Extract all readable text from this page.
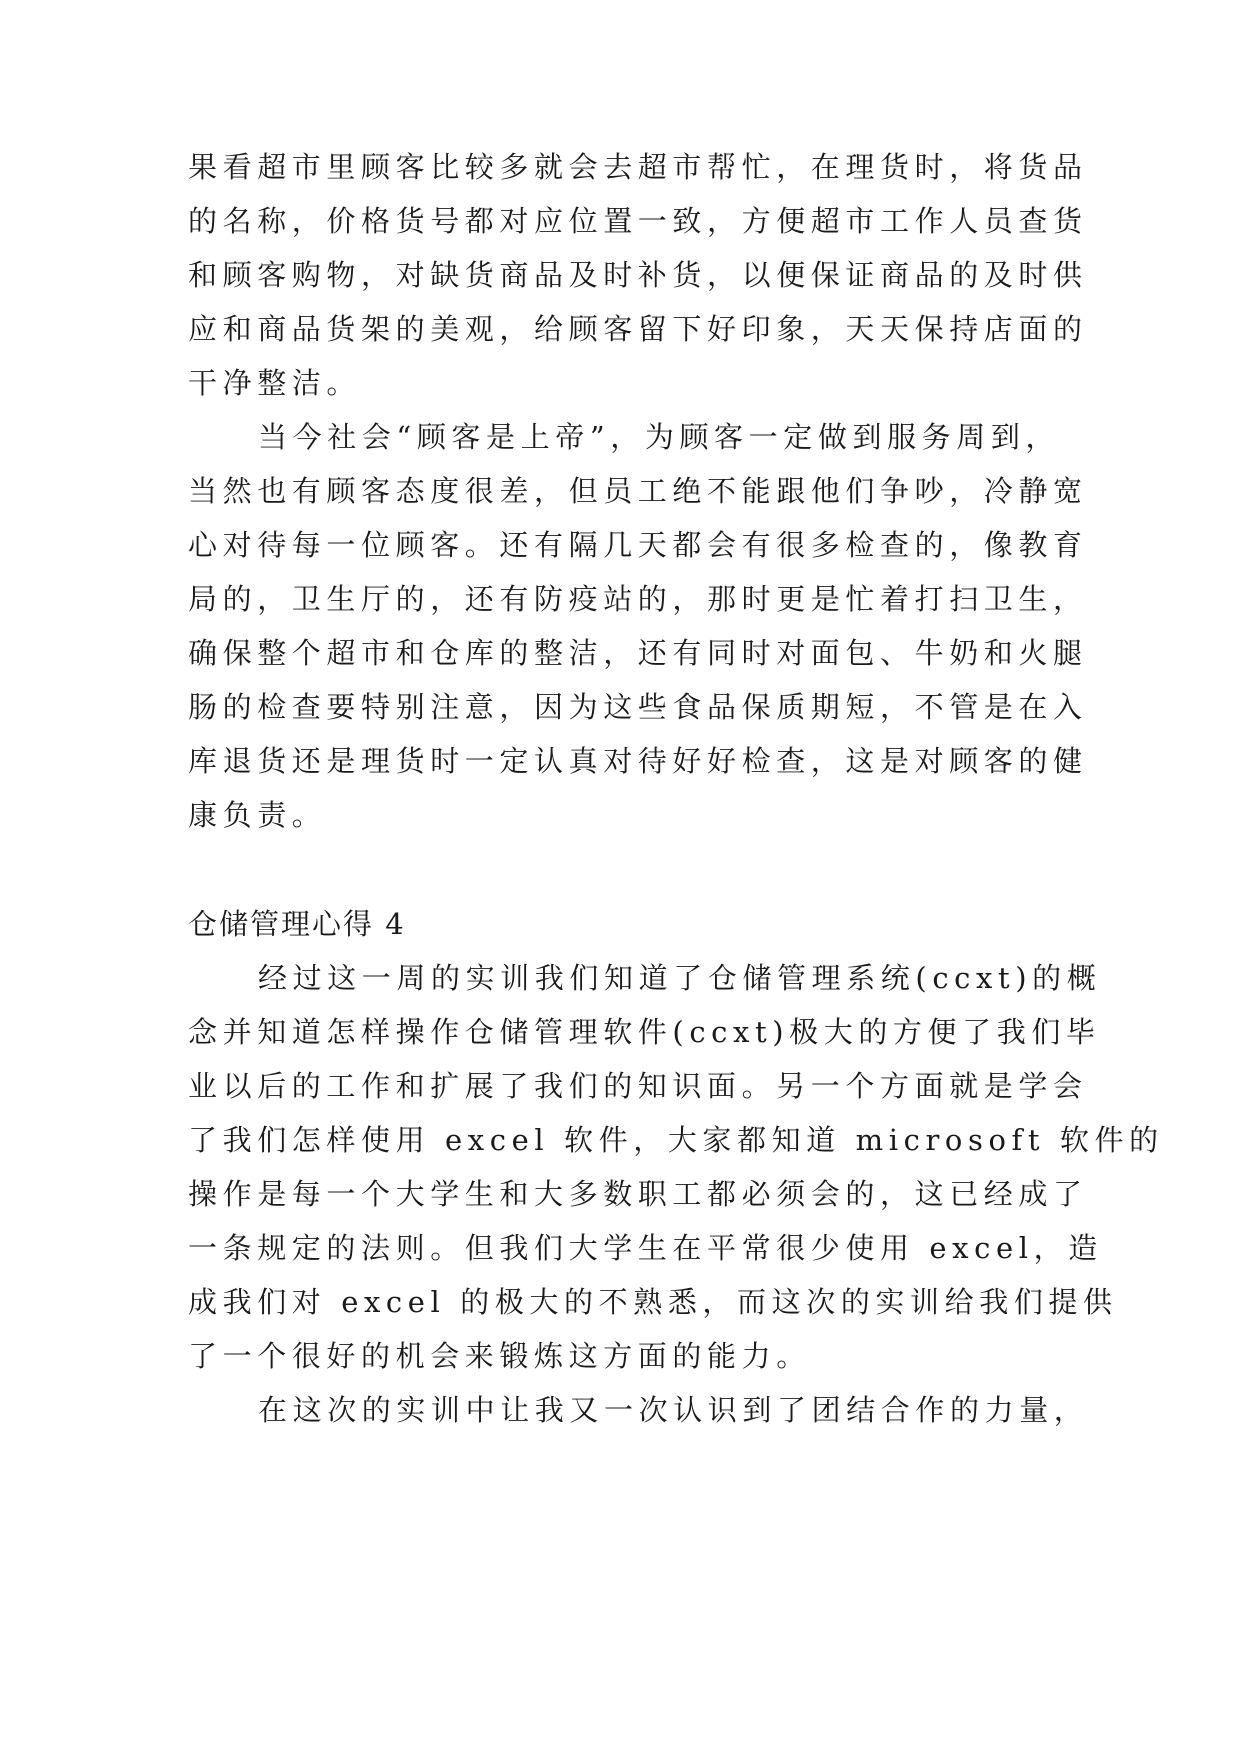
果看超市里顾客比较多就会去超市帮忙，在理货时，将货品
的名称，价格货号都对应位置一致，方便超市工作人员查货
和顾客购物，对缺货商品及时补货，以便保证商品的及时供
应和商品货架的美观，给顾客留下好印象，天天保持店面的
干净整洁。
当今社会“顾客是上帝”，为顾客一定做到服务周到，
当然也有顾客态度很差，但员工绝不能跟他们争吵，冷静宽
心对待每一位顾客。还有隔几天都会有很多检查的，像教育
局的，卫生厅的，还有防疫站的，那时更是忙着打扫卫生，
确保整个超市和仓库的整洁，还有同时对面包、牛奶和火腿
肠的检查要特别注意，因为这些食品保质期短，不管是在入
库退货还是理货时一定认真对待好好检查，这是对顾客的健
康负责。
仓储管理心得 4
经过这一周的实训我们知道了仓储管理系统(ccxt)的概
念并知道怎样操作仓储管理软件(ccxt)极大的方便了我们毕
业以后的工作和扩展了我们的知识面。另一个方面就是学会
了我们怎样使用 excel 软件，大家都知道 microsoft 软件的
操作是每一个大学生和大多数职工都必须会的，这已经成了
一条规定的法则。但我们大学生在平常很少使用 excel，造
成我们对 excel 的极大的不熟悉，而这次的实训给我们提供
了一个很好的机会来锻炼这方面的能力。
在这次的实训中让我又一次认识到了团结合作的力量，
